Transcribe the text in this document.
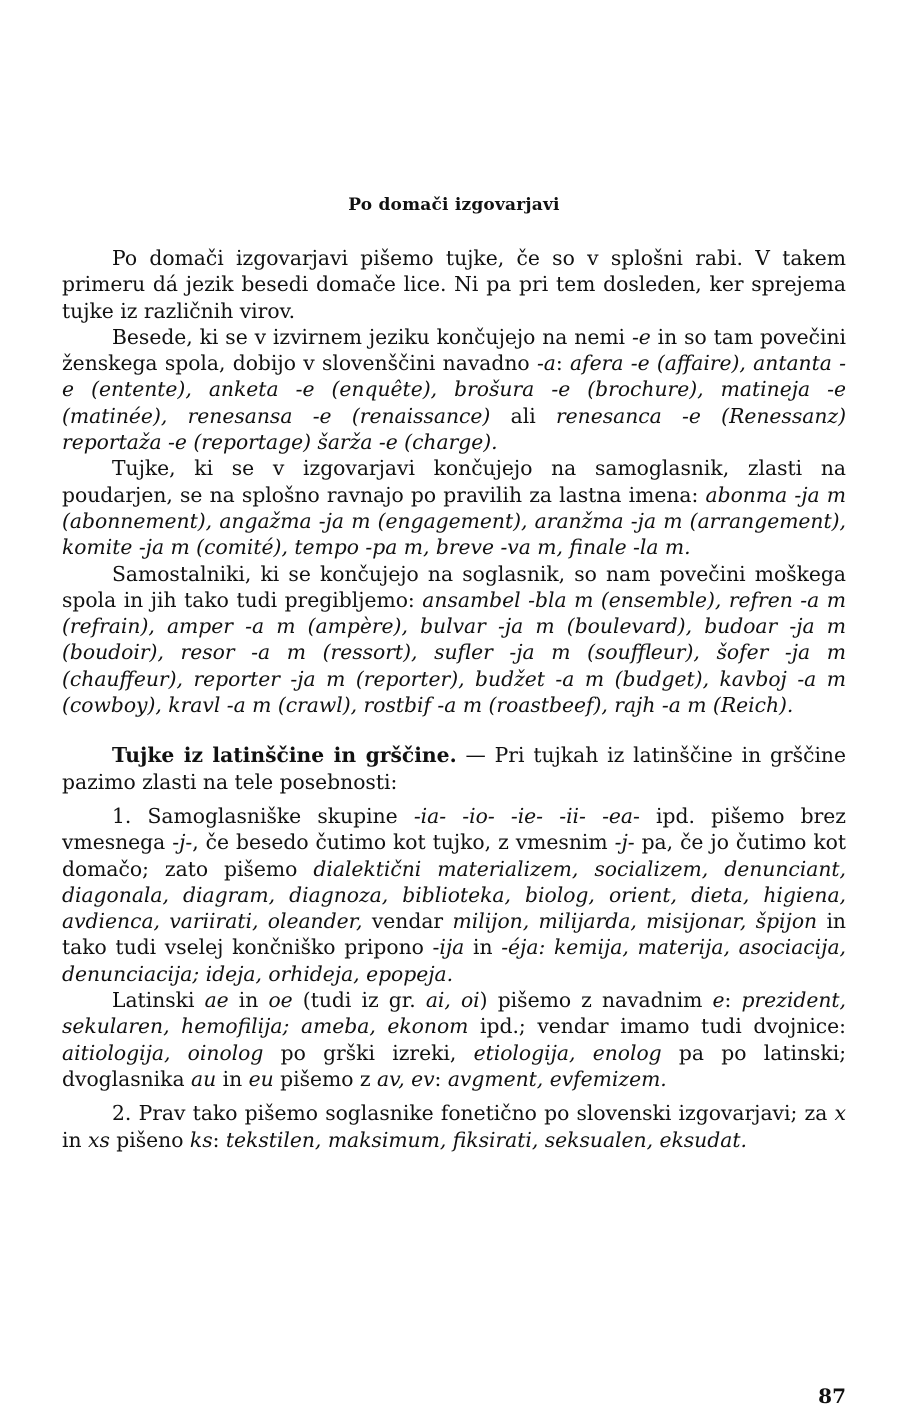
Po domači izgovarjavi

Po domači izgovarjavi pišemo tujke, če so v splošni rabi. V takem primeru dá jezik besedi domače lice. Ni pa pri tem dosleden, ker sprejema tujke iz različnih virov.

Besede, ki se v izvirnem jeziku končujejo na nemi -e in so tam povečini ženskega spola, dobijo v slovenščini navadno -a: afera -e (affaire), antanta -e (entente), anketa -e (enquête), brošura -e (brochure), matineja -e (matinée), renesansa -e (renaissance) ali renesanca -e (Renessanz) reportaža -e (reportage) šarža -e (charge).

Tujke, ki se v izgovarjavi končujejo na samoglasnik, zlasti na poudarjen, se na splošno ravnajo po pravilih za lastna imena: abonma -ja m (abonnement), angažma -ja m (engagement), aranžma -ja m (arrangement), komite -ja m (comité), tempo -pa m, breve -va m, finale -la m.

Samostalniki, ki se končujejo na soglasnik, so nam povečini moškega spola in jih tako tudi pregibljemo: ansambel -bla m (ensemble), refren -a m (refrain), amper -a m (ampère), bulvar -ja m (boulevard), budoar -ja m (boudoir), resor -a m (ressort), sufler -ja m (souffleur), šofer -ja m (chauffeur), reporter -ja m (reporter), budžet -a m (budget), kavboj -a m (cowboy), kravl -a m (crawl), rostbif -a m (roastbeef), rajh -a m (Reich).

Tujke iz latinščine in grščine. — Pri tujkah iz latinščine in grščine pazimo zlasti na tele posebnosti:

1. Samoglasniške skupine -ia- -io- -ie- -ii- -ea- ipd. pišemo brez vmesnega -j-, če besedo čutimo kot tujko, z vmesnim -j- pa, če jo čutimo kot domačo; zato pišemo dialektični materializem, socializem, denunciant, diagonala, diagram, diagnoza, biblioteka, biolog, orient, dieta, higiena, avdienca, variirati, oleander, vendar milijon, milijarda, misijonar, špijon in tako tudi vselej končniško pripono -ija in -éja: kemija, materija, asociacija, denunciacija; ideja, orhideja, epopeja.

Latinski ae in oe (tudi iz gr. ai, oi) pišemo z navadnim e: prezident, sekularen, hemofilija; ameba, ekonom ipd.; vendar imamo tudi dvojnice: aitiologija, oinolog po grški izreki, etiologija, enolog pa po latinski; dvoglasnika au in eu pišemo z av, ev: avgment, evfemizem.

2. Prav tako pišemo soglasnike fonetično po slovenski izgovarjavi; za x in xs pišeno ks: tekstilen, maksimum, fiksirati, seksualen, eksudat.

87
